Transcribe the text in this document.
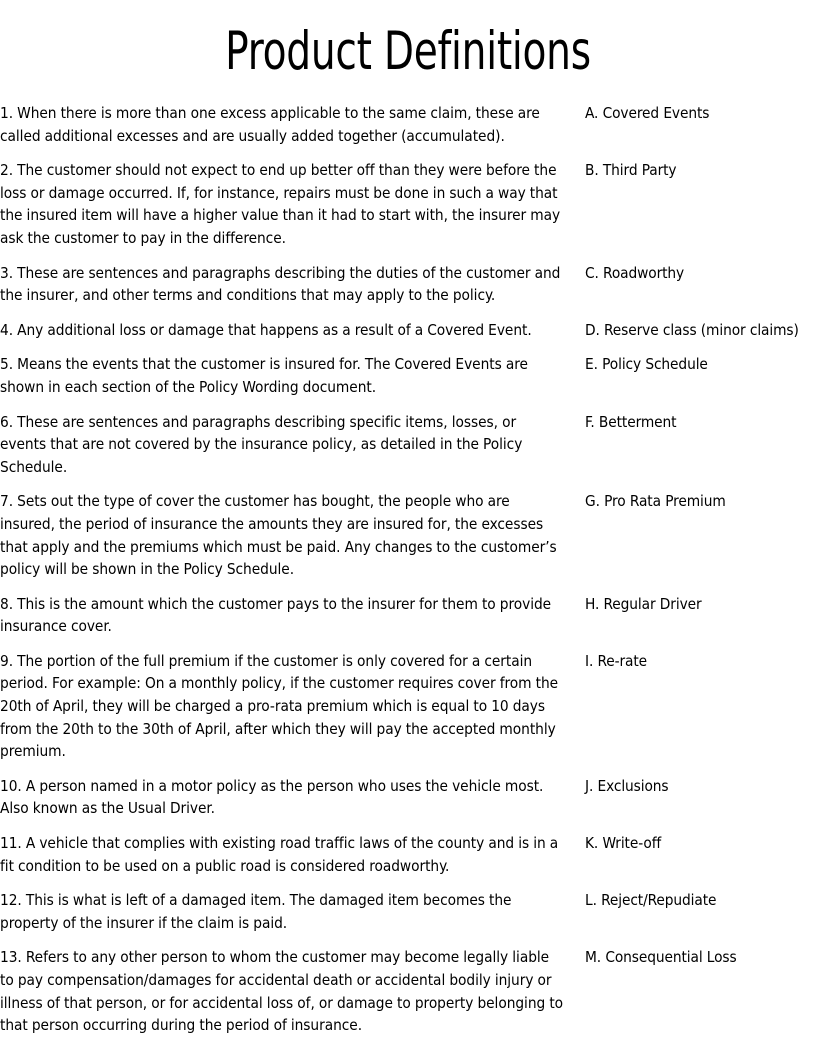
Product Definitions
1. When there is more than one excess applicable to the same claim, these are called additional excesses and are usually added together (accumulated).
A. Covered Events
2. The customer should not expect to end up better off than they were before the loss or damage occurred. If, for instance, repairs must be done in such a way that the insured item will have a higher value than it had to start with, the insurer may ask the customer to pay in the difference.
B. Third Party
3. These are sentences and paragraphs describing the duties of the customer and the insurer, and other terms and conditions that may apply to the policy.
C. Roadworthy
4. Any additional loss or damage that happens as a result of a Covered Event.	D. Reserve class (minor claims)
5. Means the events that the customer is insured for. The Covered Events are shown in each section of the Policy Wording document.
E. Policy Schedule
6. These are sentences and paragraphs describing specific items, losses, or events that are not covered by the insurance policy, as detailed in the Policy Schedule.
F. Betterment
7. Sets out the type of cover the customer has bought, the people who are insured, the period of insurance the amounts they are insured for, the excesses that apply and the premiums which must be paid. Any changes to the customer’s policy will be shown in the Policy Schedule.
G. Pro Rata Premium
8. This is the amount which the customer pays to the insurer for them to provide insurance cover.
H. Regular Driver
9. The portion of the full premium if the customer is only covered for a certain period. For example: On a monthly policy, if the customer requires cover from the 20th of April, they will be charged a pro-rata premium which is equal to 10 days from the 20th to the 30th of April, after which they will pay the accepted monthly premium.
I. Re-rate
10. A person named in a motor policy as the person who uses the vehicle most. Also known as the Usual Driver.
J. Exclusions
11. A vehicle that complies with existing road traffic laws of the county and is in a fit condition to be used on a public road is considered roadworthy.
K. Write-off
12. This is what is left of a damaged item. The damaged item becomes the property of the insurer if the claim is paid.
L. Reject/Repudiate
13. Refers to any other person to whom the customer may become legally liable to pay compensation/damages for accidental death or accidental bodily injury or illness of that person, or for accidental loss of, or damage to property belonging to that person occurring during the period of insurance.
M. Consequential Loss
